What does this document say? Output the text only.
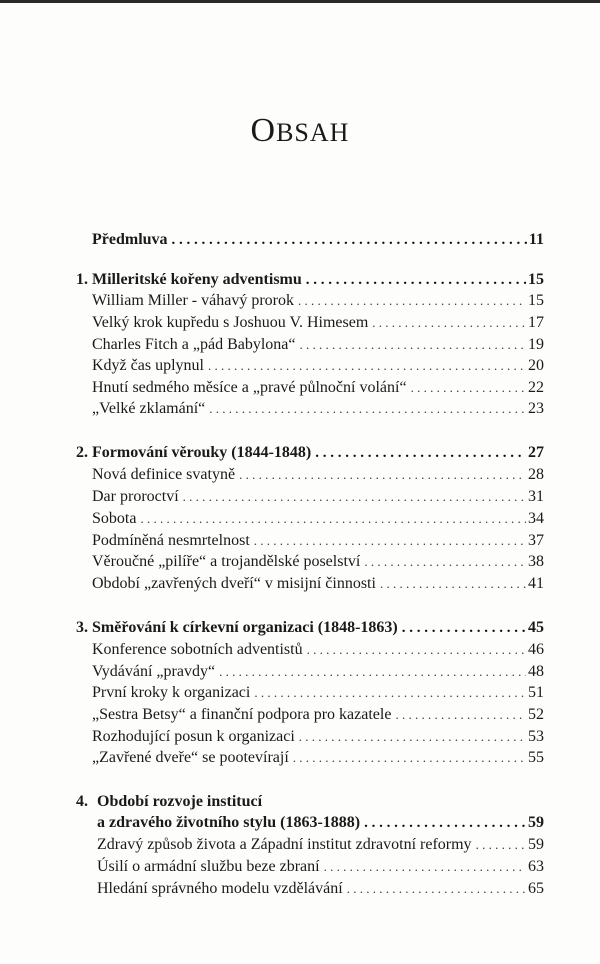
OBSAH
Předmluva . . .	11
1. Milleritské kořeny adventismu . . .	15
William Miller - váhavý prorok . . .	15
Velký krok kupředu s Joshuou V. Himesem . . .	17
Charles Fitch a „pád Babylona“ . . .	19
Když čas uplynul . . .	20
Hnutí sedmého měsíce a „pravé půlnoční volání“ . . .	22
„Velké zklamání“ . . .	23
2. Formování věrouky (1844-1848) . . .	27
Nová definice svatyně . . .	28
Dar proroctví . . .	31
Sobota . . .	34
Podmíněná nesmrtelnost . . .	37
Věroučné „pilíře“ a trojandělské poselství . . .	38
Období „zavřených dveří“ v misijní činnosti . . .	41
3. Směřování k církevní organizaci (1848-1863) . . .	45
Konference sobotních adventistů . . .	46
Vydávání „pravdy“ . . .	48
První kroky k organizaci . . .	51
„Sestra Betsy“ a finanční podpora pro kazatele . . .	52
Rozhodující posun k organizaci . . .	53
„Zavřené dveře“ se pootevírají . . .	55
4. Období rozvoje institucí
a zdravého životního stylu (1863-1888) . . .	59
Zdravý způsob života a Západní institut zdravotní reformy . . .	59
Úsilí o armádní službu beze zbraní . . .	63
Hledání správného modelu vzdělávání . . .	65
